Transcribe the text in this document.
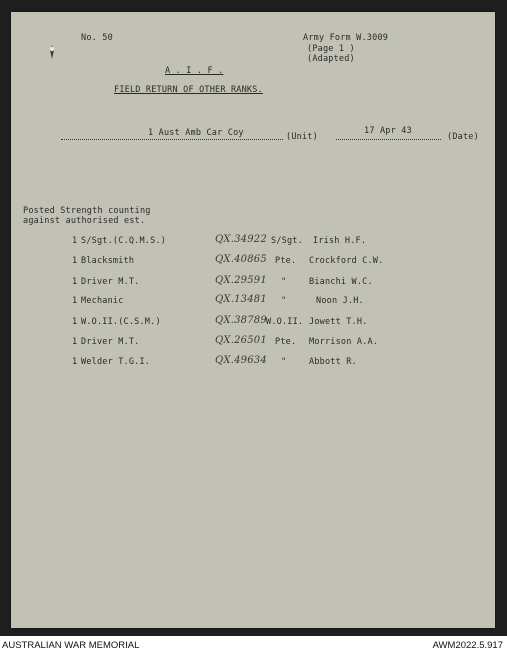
No. 50	Army Form W.3009
(Page 1 )
(Adapted)
A . I . F .
FIELD RETURN OF OTHER RANKS.
1 Aust Amb Car Coy	(Unit)
17 Apr 43
(Date)
Posted Strength counting
against authorised est.
1 S/Sgt.(C.Q.M.S.)	QX.34922 S/Sgt. Irish H.F.
1 Blacksmith	QX.40865 Pte. Crockford C.W.
1 Driver M.T.	QX.29591 "	Bianchi W.C.
1 Mechanic	QX.13481 "	Noon J.H.
1 W.O.II.(C.S.M.)	QX.38789 W.O.II. Jowett T.H.
1 Driver M.T.	QX.26501 Pte. Morrison A.A.
1 Welder T.G.I.	QX.49634 "	Abbott R.
AUSTRALIAN WAR MEMORIAL	AWM2022.5.917
